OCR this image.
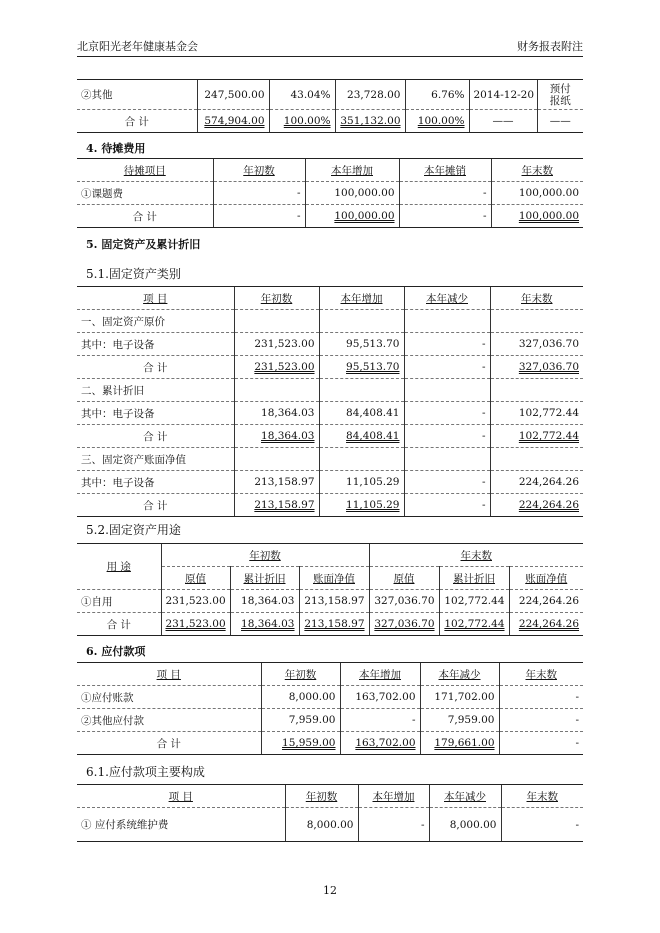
北京阳光老年健康基金会	财务报表附注
②其他	247,500.00	43.04%	23,728.00	6.76%	2014-12-20	预付
报纸
合 计	574,904.00	100.00%	351,132.00	100.00%	——	——
4. 待摊费用
待摊项目	年初数	本年增加	本年摊销	年末数
①课题费	-	100,000.00	-	100,000.00
合 计	-	100,000.00	-	100,000.00
5. 固定资产及累计折旧
5.1.固定资产类别
项 目	年初数	本年增加	本年减少	年末数
一、固定资产原价				
其中：电子设备	231,523.00	95,513.70	-	327,036.70
合 计	231,523.00	95,513.70	-	327,036.70
二、累计折旧				
其中：电子设备	18,364.03	84,408.41	-	102,772.44
合 计	18,364.03	84,408.41	-	102,772.44
三、固定资产账面净值				
其中：电子设备	213,158.97	11,105.29	-	224,264.26
合 计	213,158.97	11,105.29	-	224,264.26
5.2.固定资产用途
用 途	年初数			年末数		
	原值	累计折旧	账面净值	原值	累计折旧	账面净值
①自用	231,523.00	18,364.03	213,158.97	327,036.70	102,772.44	224,264.26
合 计	231,523.00	18,364.03	213,158.97	327,036.70	102,772.44	224,264.26
6. 应付款项
项 目	年初数	本年增加	本年减少	年末数
①应付账款	8,000.00	163,702.00	171,702.00	-
②其他应付款	7,959.00	-	7,959.00	-
合 计	15,959.00	163,702.00	179,661.00	-
6.1.应付款项主要构成
项 目	年初数	本年增加	本年减少	年末数
① 应付系统维护费	8,000.00	-	8,000.00	-
12
